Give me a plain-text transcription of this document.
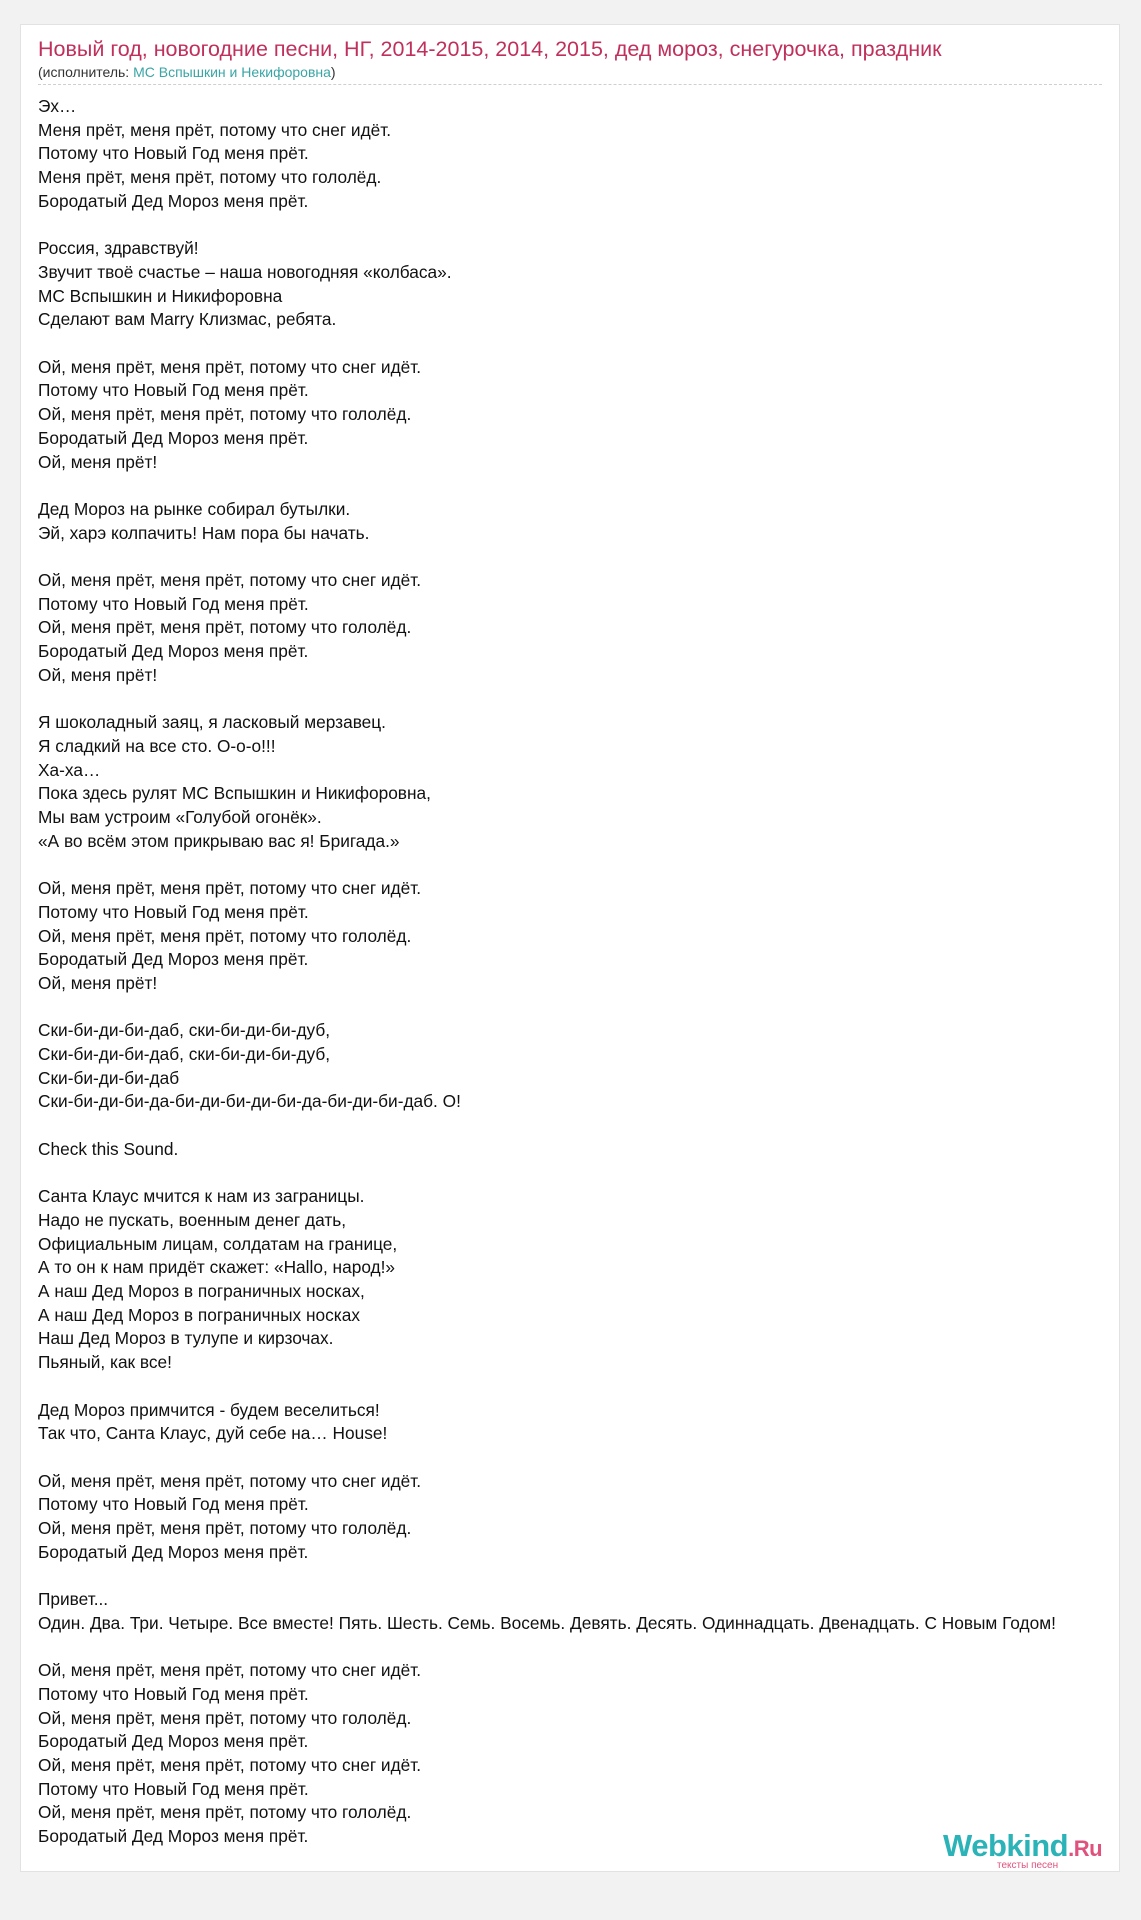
Новый год, новогодние песни, НГ, 2014-2015, 2014, 2015, дед мороз, снегурочка, праздник
(исполнитель: МС Вспышкин и Некифоровна)
Эх…
Меня прёт, меня прёт, потому что снег идёт.
Потому что Новый Год меня прёт.
Меня прёт, меня прёт, потому что гололёд.
Бородатый Дед Мороз меня прёт.
Россия, здравствуй!
Звучит твоё счастье – наша новогодняя «колбаса».
МС Вспышкин и Никифоровна
Сделают вам Marry Клизмас, ребята.
Ой, меня прёт, меня прёт, потому что снег идёт.
Потому что Новый Год меня прёт.
Ой, меня прёт, меня прёт, потому что гололёд.
Бородатый Дед Мороз меня прёт.
Ой, меня прёт!
Дед Мороз на рынке собирал бутылки.
Эй, харэ колпачить! Нам пора бы начать.
Ой, меня прёт, меня прёт, потому что снег идёт.
Потому что Новый Год меня прёт.
Ой, меня прёт, меня прёт, потому что гололёд.
Бородатый Дед Мороз меня прёт.
Ой, меня прёт!
Я шоколадный заяц, я ласковый мерзавец.
Я сладкий на все сто. О-о-о!!!
Ха-ха…
Пока здесь рулят МС Вспышкин и Никифоровна,
Мы вам устроим «Голубой огонёк».
«А во всём этом прикрываю вас я! Бригада.»
Ой, меня прёт, меня прёт, потому что снег идёт.
Потому что Новый Год меня прёт.
Ой, меня прёт, меня прёт, потому что гололёд.
Бородатый Дед Мороз меня прёт.
Ой, меня прёт!
Ски-би-ди-би-даб, ски-би-ди-би-дуб,
Ски-би-ди-би-даб, ски-би-ди-би-дуб,
Ски-би-ди-би-даб
Ски-би-ди-би-да-би-ди-би-ди-би-да-би-ди-би-даб. О!
Check this Sound.
Санта Клаус мчится к нам из заграницы.
Надо не пускать, военным денег дать,
Официальным лицам, солдатам на границе,
А то он к нам придёт скажет: «Hallo, народ!»
А наш Дед Мороз в пограничных носках,
А наш Дед Мороз в пограничных носках
Наш Дед Мороз в тулупе и кирзочах.
Пьяный, как все!
Дед Мороз примчится - будем веселиться!
Так что, Санта Клаус, дуй себе на… House!
Ой, меня прёт, меня прёт, потому что снег идёт.
Потому что Новый Год меня прёт.
Ой, меня прёт, меня прёт, потому что гололёд.
Бородатый Дед Мороз меня прёт.
Привет...
Один. Два. Три. Четыре. Все вместе! Пять. Шесть. Семь. Восемь. Девять. Десять. Одиннадцать. Двенадцать. С Новым Годом!
Ой, меня прёт, меня прёт, потому что снег идёт.
Потому что Новый Год меня прёт.
Ой, меня прёт, меня прёт, потому что гололёд.
Бородатый Дед Мороз меня прёт.
Ой, меня прёт, меня прёт, потому что снег идёт.
Потому что Новый Год меня прёт.
Ой, меня прёт, меня прёт, потому что гололёд.
Бородатый Дед Мороз меня прёт.	Webkind.Ru
тексты песен
